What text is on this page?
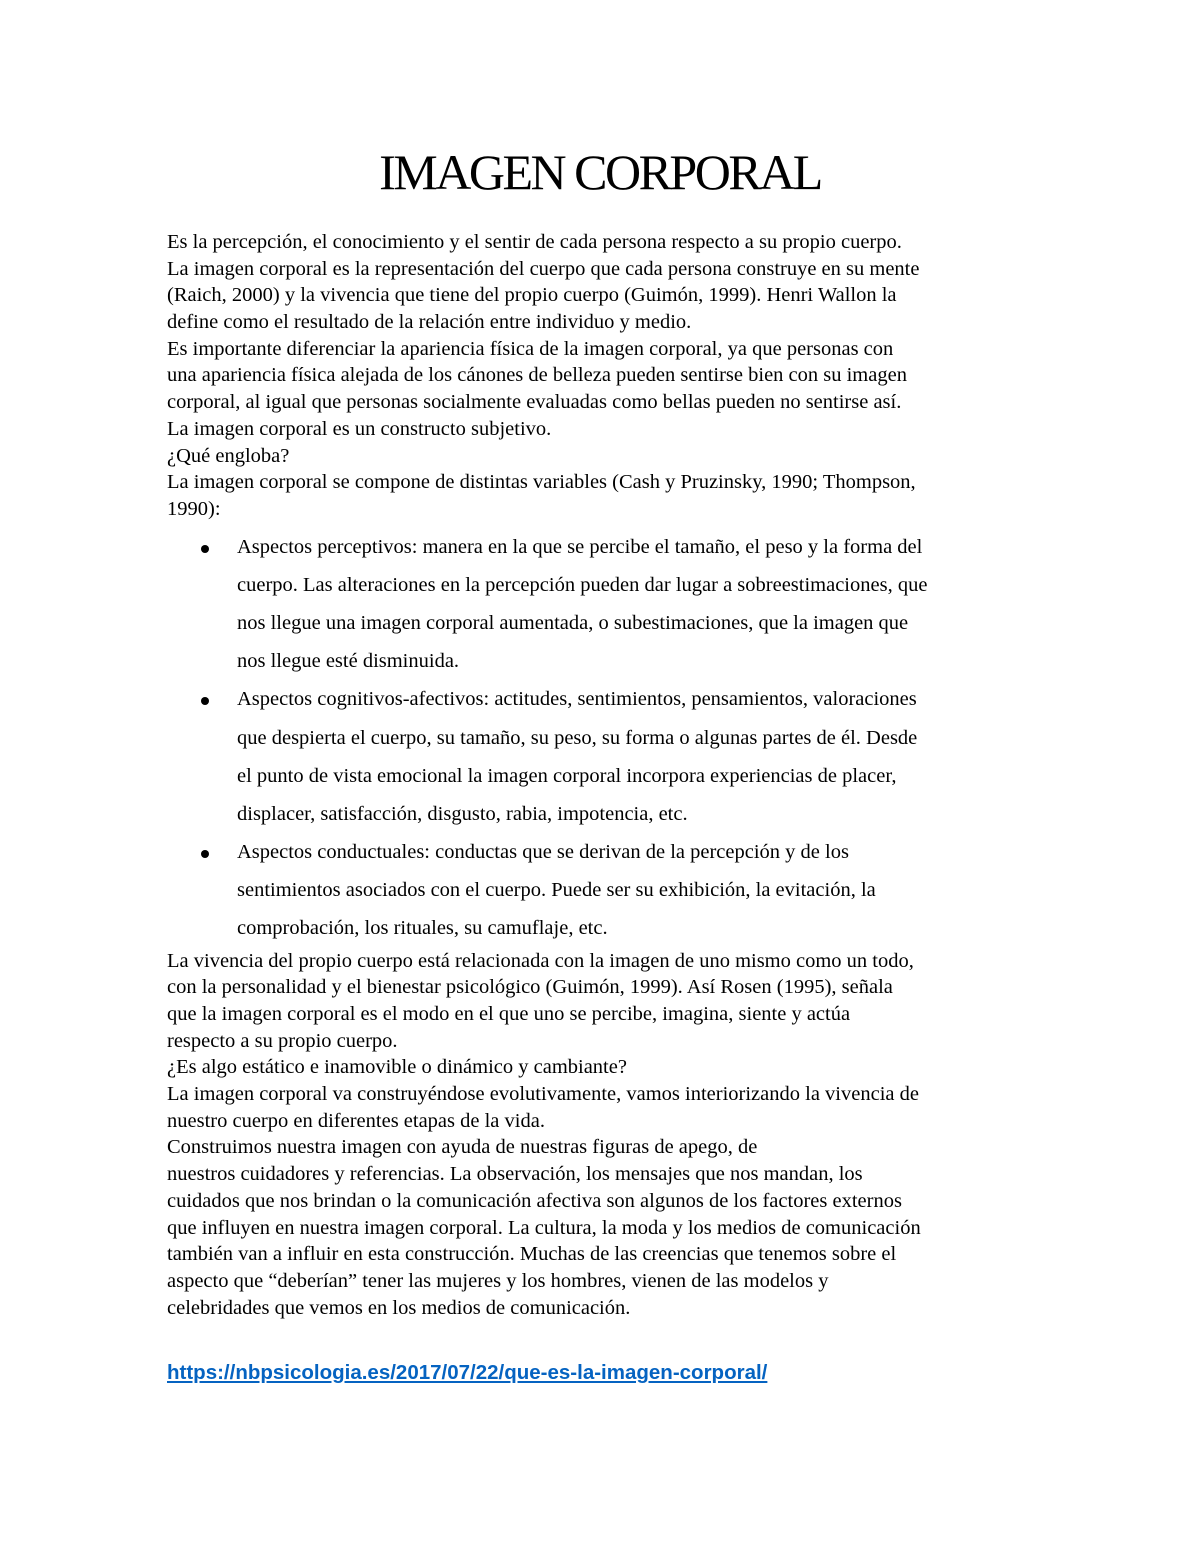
IMAGEN CORPORAL
Es la percepción, el conocimiento y el sentir de cada persona respecto a su propio cuerpo.
La imagen corporal es la representación del cuerpo que cada persona construye en su mente
(Raich, 2000) y la vivencia que tiene del propio cuerpo (Guimón, 1999). Henri Wallon la
define como el resultado de la relación entre individuo y medio.
Es importante diferenciar la apariencia física de la imagen corporal, ya que personas con
una apariencia física alejada de los cánones de belleza pueden sentirse bien con su imagen
corporal, al igual que personas socialmente evaluadas como bellas pueden no sentirse así.
La imagen corporal es un constructo subjetivo.
¿Qué engloba?
La imagen corporal se compone de distintas variables (Cash y Pruzinsky, 1990; Thompson,
1990):
Aspectos perceptivos: manera en la que se percibe el tamaño, el peso y la forma del
cuerpo. Las alteraciones en la percepción pueden dar lugar a sobreestimaciones, que
nos llegue una imagen corporal aumentada, o subestimaciones, que la imagen que
nos llegue esté disminuida.
Aspectos cognitivos-afectivos: actitudes, sentimientos, pensamientos, valoraciones
que despierta el cuerpo, su tamaño, su peso, su forma o algunas partes de él. Desde
el punto de vista emocional la imagen corporal incorpora experiencias de placer,
displacer, satisfacción, disgusto, rabia, impotencia, etc.
Aspectos conductuales: conductas que se derivan de la percepción y de los
sentimientos asociados con el cuerpo. Puede ser su exhibición, la evitación, la
comprobación, los rituales, su camuflaje, etc.
La vivencia del propio cuerpo está relacionada con la imagen de uno mismo como un todo,
con la personalidad y el bienestar psicológico (Guimón, 1999). Así Rosen (1995), señala
que la imagen corporal es el modo en el que uno se percibe, imagina, siente y actúa
respecto a su propio cuerpo.
¿Es algo estático e inamovible o dinámico y cambiante?
La imagen corporal va construyéndose evolutivamente, vamos interiorizando la vivencia de
nuestro cuerpo en diferentes etapas de la vida.
Construimos nuestra imagen con ayuda de nuestras figuras de apego, de
nuestros cuidadores y referencias. La observación, los mensajes que nos mandan, los
cuidados que nos brindan o la comunicación afectiva son algunos de los factores externos
que influyen en nuestra imagen corporal. La cultura, la moda y los medios de comunicación
también van a influir en esta construcción. Muchas de las creencias que tenemos sobre el
aspecto que “deberían” tener las mujeres y los hombres, vienen de las modelos y
celebridades que vemos en los medios de comunicación.
https://nbpsicologia.es/2017/07/22/que-es-la-imagen-corporal/
